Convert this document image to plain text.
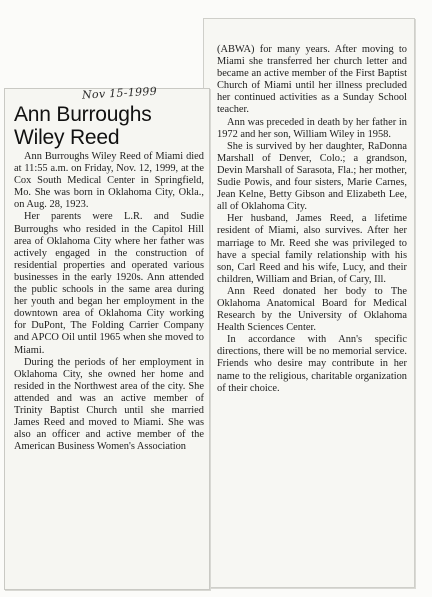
Nov 15-1999
Ann Burroughs Wiley Reed

Ann Burroughs Wiley Reed of Miami died at 11:55 a.m. on Friday, Nov. 12, 1999, at the Cox South Medical Center in Springfield, Mo. She was born in Oklahoma City, Okla., on Aug. 28, 1923.

Her parents were L.R. and Sudie Burroughs who resided in the Capitol Hill area of Oklahoma City where her father was actively engaged in the construction of residential properties and operated various businesses in the early 1920s. Ann attended the public schools in the same area during her youth and began her employment in the downtown area of Oklahoma City working for DuPont, The Folding Carrier Company and APCO Oil until 1965 when she moved to Miami.

During the periods of her employment in Oklahoma City, she owned her home and resided in the Northwest area of the city. She attended and was an active member of Trinity Baptist Church until she married James Reed and moved to Miami. She was also an officer and active member of the American Business Women's Association

(ABWA) for many years. After moving to Miami she transferred her church letter and became an active member of the First Baptist Church of Miami until her illness precluded her continued activities as a Sunday School teacher.

Ann was preceded in death by her father in 1972 and her son, William Wiley in 1958.

She is survived by her daughter, RaDonna Marshall of Denver, Colo.; a grandson, Devin Marshall of Sarasota, Fla.; her mother, Sudie Powis, and four sisters, Marie Carnes, Jean Kelne, Betty Gibson and Elizabeth Lee, all of Oklahoma City.

Her husband, James Reed, a lifetime resident of Miami, also survives. After her marriage to Mr. Reed she was privileged to have a special family relationship with his son, Carl Reed and his wife, Lucy, and their children, William and Brian, of Cary, Ill.

Ann Reed donated her body to The Oklahoma Anatomical Board for Medical Research by the University of Oklahoma Health Sciences Center.

In accordance with Ann's specific directions, there will be no memorial service. Friends who desire may contribute in her name to the religious, charitable organization of their choice.
